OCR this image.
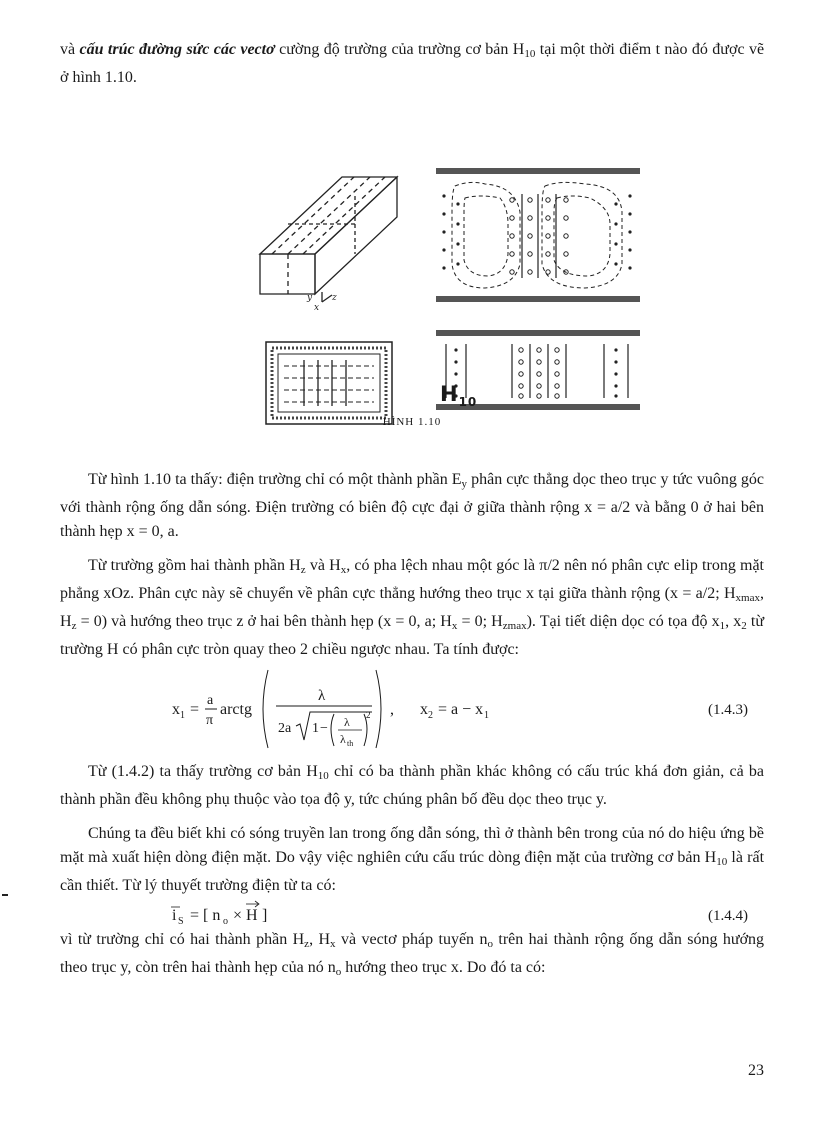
và cấu trúc đường sức các vectơ cường độ trường của trường cơ bản $H_{10}$ tại một thời điểm t nào đó được vẽ ở hình 1.10.

y
x
z
$H_{10}$
HÌNH 1.10

Từ hình 1.10 ta thấy: điện trường chỉ có một thành phần $E_y$ phân cực thẳng dọc theo trục y tức vuông góc với thành rộng ống dẫn sóng. Điện trường có biên độ cực đại ở giữa thành rộng x = a/2 và bằng 0 ở hai bên thành hẹp x = 0, a.

Từ trường gồm hai thành phần $H_z$ và $H_x$, có pha lệch nhau một góc là π/2 nên nó phân cực elip trong mặt phẳng xOz. Phân cực này sẽ chuyển về phân cực thẳng hướng theo trục x tại giữa thành rộng (x = a/2; $H_{xmax}$, $H_z = 0$) và hướng theo trục z ở hai bên thành hẹp (x = 0, a; $H_x = 0$; $H_{zmax}$). Tại tiết diện dọc có tọa độ $x_1$, $x_2$ từ trường H có phân cực tròn quay theo 2 chiều ngược nhau. Ta tính được:

x 1 =
a
π
arctg
λ
2a 1 − λ
λ th
2 , x 2 = a − x 1	(1.4.3)

Từ (1.4.2) ta thấy trường cơ bản $H_{10}$ chỉ có ba thành phần khác không có cấu trúc khá đơn giản, cả ba thành phần đều không phụ thuộc vào tọa độ y, tức chúng phân bố đều dọc theo trục y.

Chúng ta đều biết khi có sóng truyền lan trong ống dẫn sóng, thì ở thành bên trong của nó do hiệu ứng bề mặt mà xuất hiện dòng điện mặt. Do vậy việc nghiên cứu cấu trúc dòng điện mặt của trường cơ bản $H_{10}$ là rất cần thiết. Từ lý thuyết trường điện từ ta có:

i S = [ n o × H ]	(1.4.4)

vì từ trường chỉ có hai thành phần $H_z$, $H_x$ và vectơ pháp tuyến $n_o$ trên hai thành rộng ống dẫn sóng hướng theo trục y, còn trên hai thành hẹp của nó $n_o$ hướng theo trục x. Do đó ta có:

23
